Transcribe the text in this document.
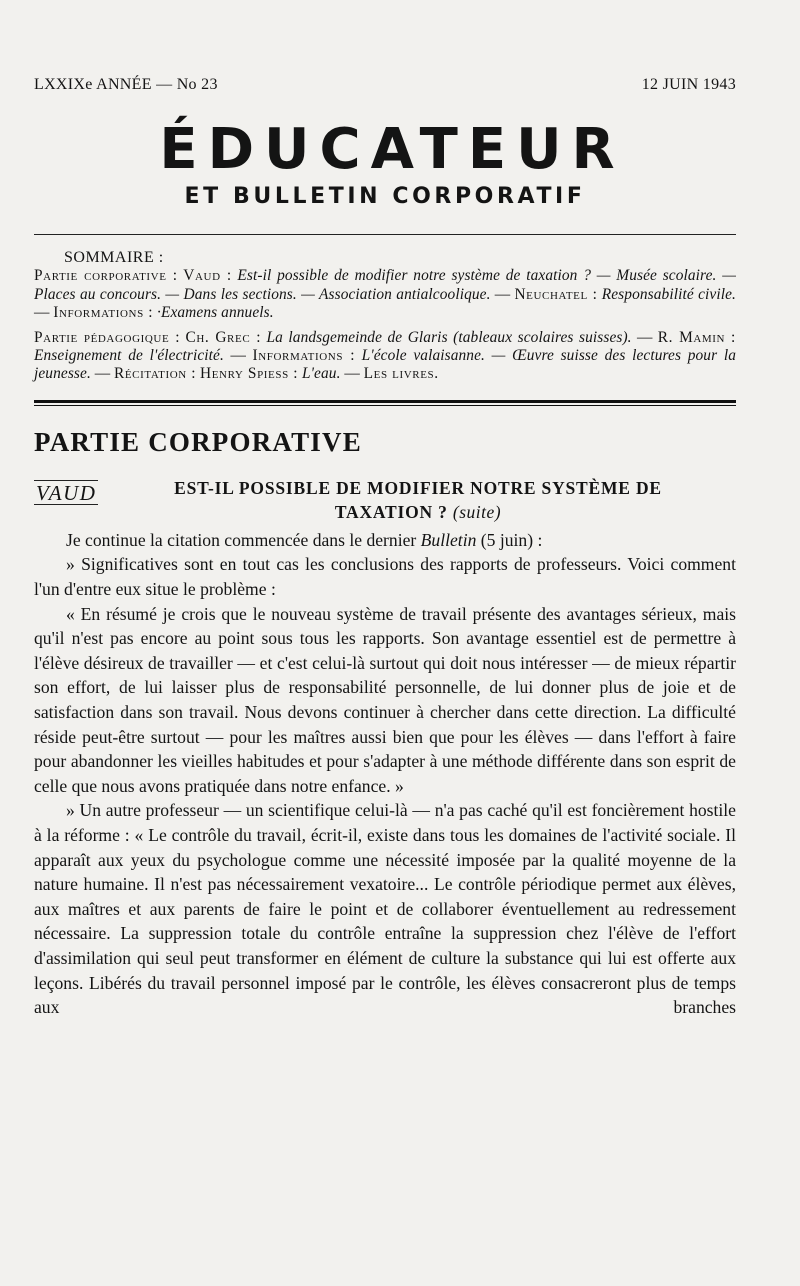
LXXIXe ANNÉE — No 23	12 JUIN 1943
ÉDUCATEUR
ET BULLETIN CORPORATIF
SOMMAIRE :
Partie corporative : Vaud : Est-il possible de modifier notre système de taxation ? — Musée scolaire. — Places au concours. — Dans les sections. — Association antialcoolique. — Neuchatel : Responsabilité civile. — Informations : ·Examens annuels.
Partie pédagogique : Ch. Grec : La landsgemeinde de Glaris (tableaux scolaires suisses). — R. Mamin : Enseignement de l'électricité. — Informations : L'école valaisanne. — Œuvre suisse des lectures pour la jeunesse. — Récitation : Henry Spiess : L'eau. — Les livres.
PARTIE CORPORATIVE
VAUD	EST-IL POSSIBLE DE MODIFIER NOTRE SYSTÈME DE TAXATION ? (suite)

Je continue la citation commencée dans le dernier Bulletin (5 juin) :

» Significatives sont en tout cas les conclusions des rapports de professeurs. Voici comment l'un d'entre eux situe le problème :

« En résumé je crois que le nouveau système de travail présente des avantages sérieux, mais qu'il n'est pas encore au point sous tous les rapports. Son avantage essentiel est de permettre à l'élève désireux de travailler — et c'est celui-là surtout qui doit nous intéresser — de mieux répartir son effort, de lui laisser plus de responsabilité personnelle, de lui donner plus de joie et de satisfaction dans son travail. Nous devons continuer à chercher dans cette direction. La difficulté réside peut-être surtout — pour les maîtres aussi bien que pour les élèves — dans l'effort à faire pour abandonner les vieilles habitudes et pour s'adapter à une méthode différente dans son esprit de celle que nous avons pratiquée dans notre enfance. »

» Un autre professeur — un scientifique celui-là — n'a pas caché qu'il est foncièrement hostile à la réforme : « Le contrôle du travail, écrit-il, existe dans tous les domaines de l'activité sociale. Il apparaît aux yeux du psychologue comme une nécessité imposée par la qualité moyenne de la nature humaine. Il n'est pas nécessairement vexatoire... Le contrôle périodique permet aux élèves, aux maîtres et aux parents de faire le point et de collaborer éventuellement au redressement nécessaire. La suppression totale du contrôle entraîne la suppression chez l'élève de l'effort d'assimilation qui seul peut transformer en élément de culture la substance qui lui est offerte aux leçons. Libérés du travail personnel imposé par le contrôle, les élèves consacreront plus de temps aux branches
